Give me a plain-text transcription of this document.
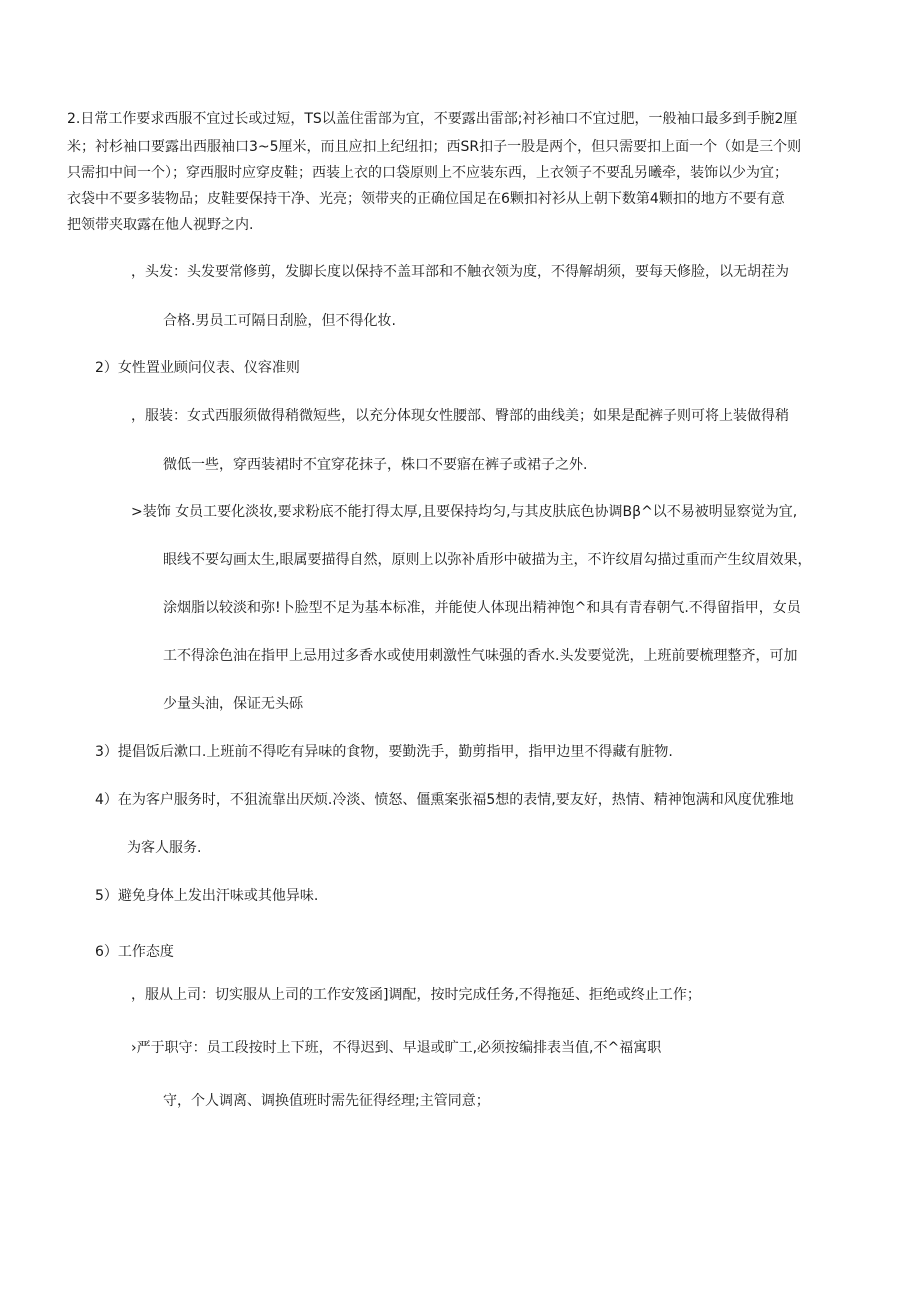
2.日常工作要求西服不宜过长或过短，TS以盖住雷部为宜，不要露出雷部;衬衫袖口不宜过肥，一般袖口最多到手腕2厘
米；衬杉袖口要露出西服袖口3~5厘米，而且应扣上纪纽扣；西SR扣子一股是两个，但只需要扣上面一个（如是三个则
只需扣中间一个）；穿西服时应穿皮鞋；西装上衣的口袋原则上不应装东西，上衣领子不要乱另曦牵，装饰以少为宜；
衣袋中不要多装物品；皮鞋要保持干净、光亮；领带夹的正确位国足在6颗扣衬衫从上朝下数第4颗扣的地方不要有意
把领带夹取露在他人视野之内.
，头发：头发要常修剪，发脚长度以保持不盖耳部和不触衣领为度，不得解胡须，要每天修脸，以无胡茬为
合格.男员工可隔日刮脸，但不得化妆.
2）女性置业顾问仪表、仪容准则
，服装：女式西服须做得稍微短些，以充分体现女性腰部、臀部的曲线美；如果是配裤子则可将上装做得稍
微低一些，穿西装裙时不宜穿花抹子，株口不要寤在裤子或裙子之外.
>装饰 女员工要化淡妆,要求粉底不能打得太厚,且要保持均匀,与其皮肤底色协调Bβ^以不易被明显察觉为宜,
眼线不要勾画太生,眼属要描得自然，原则上以弥补盾形中破描为主，不许纹眉勾描过重而产生纹眉效果，
涂烟脂以较淡和弥!卜脸型不足为基本标准，并能使人体现出精神饱^和具有青春朝气.不得留指甲，女员
工不得涂色油在指甲上忌用过多香水或使用刺激性气味强的香水.头发要觉洗，上班前要梳理整齐，可加
少量头油，保证无头砾
3）提倡饭后漱口.上班前不得吃有异味的食物，要勤洗手，勤剪指甲，指甲边里不得藏有脏物.
4）在为客户服务时，不狙流靠出厌烦.冷淡、愤怒、僵熏案张福5想的表情,要友好，热情、精神饱满和风度优雅地
为客人服务.
5）避免身体上发出汗味或其他异味.
6）工作态度
，服从上司：切实服从上司的工作安笈函]调配，按时完成任务,不得拖延、拒绝或终止工作；
›严于职守：员工段按时上下班，不得迟到、早退或旷工,必须按编排表当值,不^福寓职
守，个人调离、调换值班时需先征得经理;主管同意；
